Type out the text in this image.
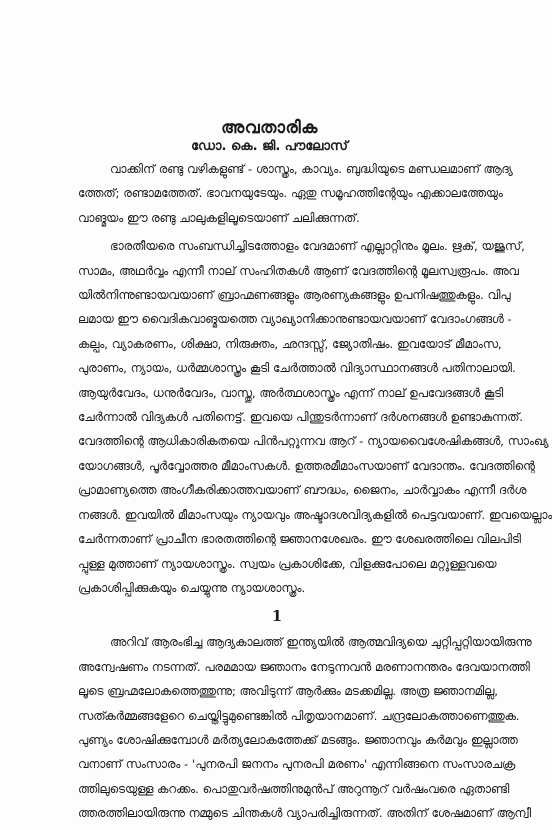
അവതാരിക
ഡോ. കെ. ജി. പൗലോസ്

വാക്കിന് രണ്ടു വഴികളുണ്ട് - ശാസ്ത്രം, കാവ്യം. ബുദ്ധിയുടെ മണ്ഡലമാണ് ആദ്യ
ത്തേത്; രണ്ടാമത്തേത്. ഭാവനയുടേയും. ഏതു സമൂഹത്തിന്റേയും എക്കാലത്തേയും
വാങ്മയം ഈ രണ്ടു ചാലുകളിലൂടെയാണ് ചലിക്കുന്നത്.

ഭാരതീയരെ സംബന്ധിച്ചിടത്തോളം വേദമാണ് എല്ലാറ്റിനും മൂലം. ഋക്, യജുസ്,
സാമം, അഥർവ്വം എന്നീ നാല് സംഹിതകൾ ആണ് വേദത്തിന്റെ മൂലസ്വരൂപം. അവ
യിൽനിന്നുണ്ടായവയാണ് ബ്രാഹ്മണങ്ങളും ആരണ്യകങ്ങളും ഉപനിഷത്തുകളും. വിപു
ലമായ ഈ വൈദികവാങ്മയത്തെ വ്യാഖ്യാനിക്കാനുണ്ടായവയാണ് വേദാംഗങ്ങൾ -
കല്പം, വ്യാകരണം, ശിക്ഷാ, നിരുക്തം, ഛന്ദസ്സ്, ജ്യോതിഷം. ഇവയോട് മീമാംസ,
പുരാണം, ന്യായം, ധർമ്മശാസ്ത്രം കൂടി ചേർത്താൽ വിദ്യാസ്ഥാനങ്ങൾ പതിനാലായി.
ആയുർവേദം, ധനുർവേദം, വാസ്തു, അർത്ഥശാസ്ത്രം എന്ന് നാല് ഉപവേദങ്ങൾ കൂടി
ചേർന്നാൽ വിദ്യകൾ പതിനെട്ട്. ഇവയെ പിന്തുടർന്നാണ് ദർശനങ്ങൾ ഉണ്ടാകുന്നത്.
വേദത്തിന്റെ ആധികാരികതയെ പിൻപറ്റുന്നവ ആറ് - ന്യായവൈശേഷികങ്ങൾ, സാംഖ്യ
യോഗങ്ങൾ, പൂർവ്വോത്തര മീമാംസകൾ. ഉത്തരമീമാംസയാണ് വേദാന്തം. വേദത്തിന്റെ
പ്രാമാണ്യത്തെ അംഗീകരിക്കാത്തവയാണ് ബൗദ്ധം, ജൈനം, ചാർവ്വാകം എന്നീ ദർശ
നങ്ങൾ. ഇവയിൽ മീമാംസയും ന്യായവും അഷ്ടാദശവിദ്യകളിൽ പെട്ടവയാണ്. ഇവയെല്ലാം
ചേർന്നതാണ് പ്രാചീന ഭാരതത്തിന്റെ ജ്ഞാനശേഖരം. ഈ ശേഖരത്തിലെ വിലപിടി
പ്പുള്ള മുത്താണ് ന്യായശാസ്ത്രം. സ്വയം പ്രകാശിക്കേ, വിളക്കുപോലെ മറ്റുള്ളവയെ
പ്രകാശിപ്പിക്കുകയും ചെയ്യുന്നു ന്യായശാസ്ത്രം.

1

അറിവ് ആരംഭിച്ച ആദ്യകാലത്ത് ഇന്ത്യയിൽ ആത്മവിദ്യയെ ചുറ്റിപ്പറ്റിയായിരുന്നു
അന്വേഷണം നടന്നത്. പരമമായ ജ്ഞാനം നേടുന്നവൻ മരണാനന്തരം ദേവയാനത്തി
ലൂടെ ബ്രഹ്മലോകത്തെത്തുന്നു; അവിടുന്ന് ആർക്കും മടക്കമില്ല. അത്ര ജ്ഞാനമില്ല,
സത്കർമ്മങ്ങളേറെ ചെയ്തിട്ടുമുണ്ടെങ്കിൽ പിതൃയാനമാണ്. ചന്ദ്രലോകത്താണെത്തുക.
പുണ്യം ശോഷിക്കുമ്പോൾ മർത്യലോകത്തേക്ക് മടങ്ങും. ജ്ഞാനവും കർമവും ഇല്ലാത്ത
വനാണ് സംസാരം - 'പുനരപി ജനനം പുനരപി മരണം' എന്നിങ്ങനെ സംസാരചക്ര
ത്തിലുടെയുള്ള കറക്കം. പൊതുവർഷത്തിനുമുൻപ് അറുന്നൂറ് വർഷംവരെ ഏതാണ്ടി
ത്തരത്തിലായിരുന്നു നമ്മുടെ ചിന്തകൾ വ്യാപരിച്ചിരുന്നത്. അതിന് ശേഷമാണ് ആന്വീ
